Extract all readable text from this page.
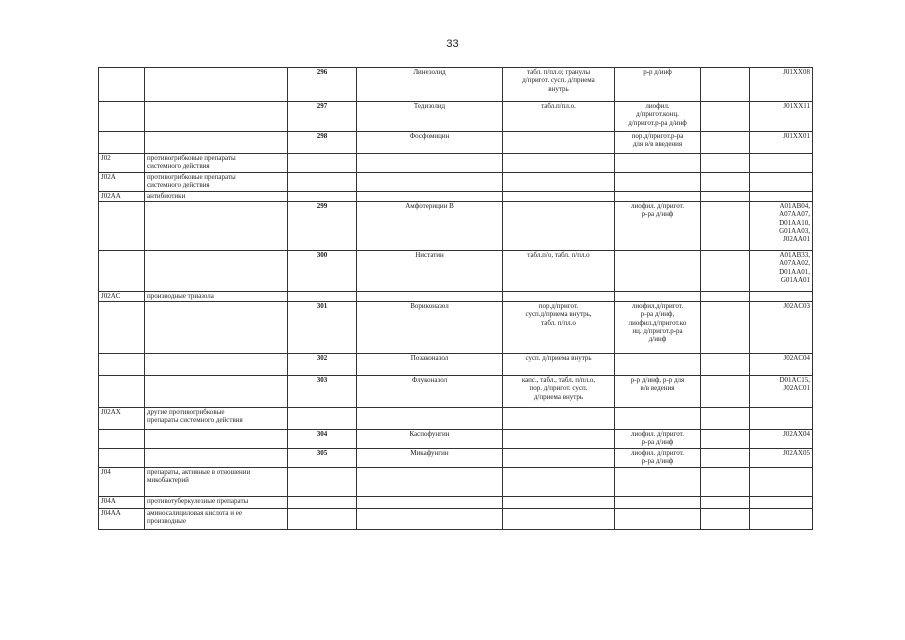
33
		296	Линезолид	табл. п/пл.о; гранулы
д/пригот. сусп. д/приема
внутрь	р-р д/инф		J01XX08
		297	Тедизолид	табл.п/пл.о.	лиофил.
д/пригот.конц.
д/пригот.р-ра д/инф		J01XX11
		298	Фосфомицин		пор.д/пригот.р-ра
для в/в введения		J01XX01
J02	противогрибковые препараты
системного действия						
J02A	противогрибковые препараты
системного действия						
J02AA	антибиотики						
		299	Амфотерицин В		лиофил. д/пригот.
р-ра д/инф		A01AB04,
A07AA07,
D01AA10,
G01AA03,
J02AA01
		300	Нистатин	табл.п/о, табл. п/пл.о			A01AB33,
A07AA02,
D01AA01,
G01AA01
J02AC	производные триазола						
		301	Вориконазол	пор.д/пригот.
сусп.д/приема внутрь,
табл. п/пл.о	лиофил.д/пригот.
р-ра д/инф,
лиофил.д/пригот.ко
нц. д/пригот.р-ра
д/инф		J02AC03
		302	Позаконазол	сусп. д/приема внутрь			J02AC04
		303	Флуконазол	капс., табл., табл. п/пл.о,
пор. д/пригот. сусп.
д/приема внутрь	р-р д/инф, р-р для
в/в ведения		D01AC15,
J02AC01
J02AX	другие противогрибковые
препараты системного действия						
		304	Каспофунгин		лиофил. д/пригот.
р-ра д/инф		J02AX04
		305	Микафунгин		лиофил. д/пригот.
р-ра д/инф		J02AX05
J04	препараты, активные в отношении
микобактерий						
J04A	противотуберкулезные препараты						
J04AA	аминосалициловая кислота и ее
производные						
